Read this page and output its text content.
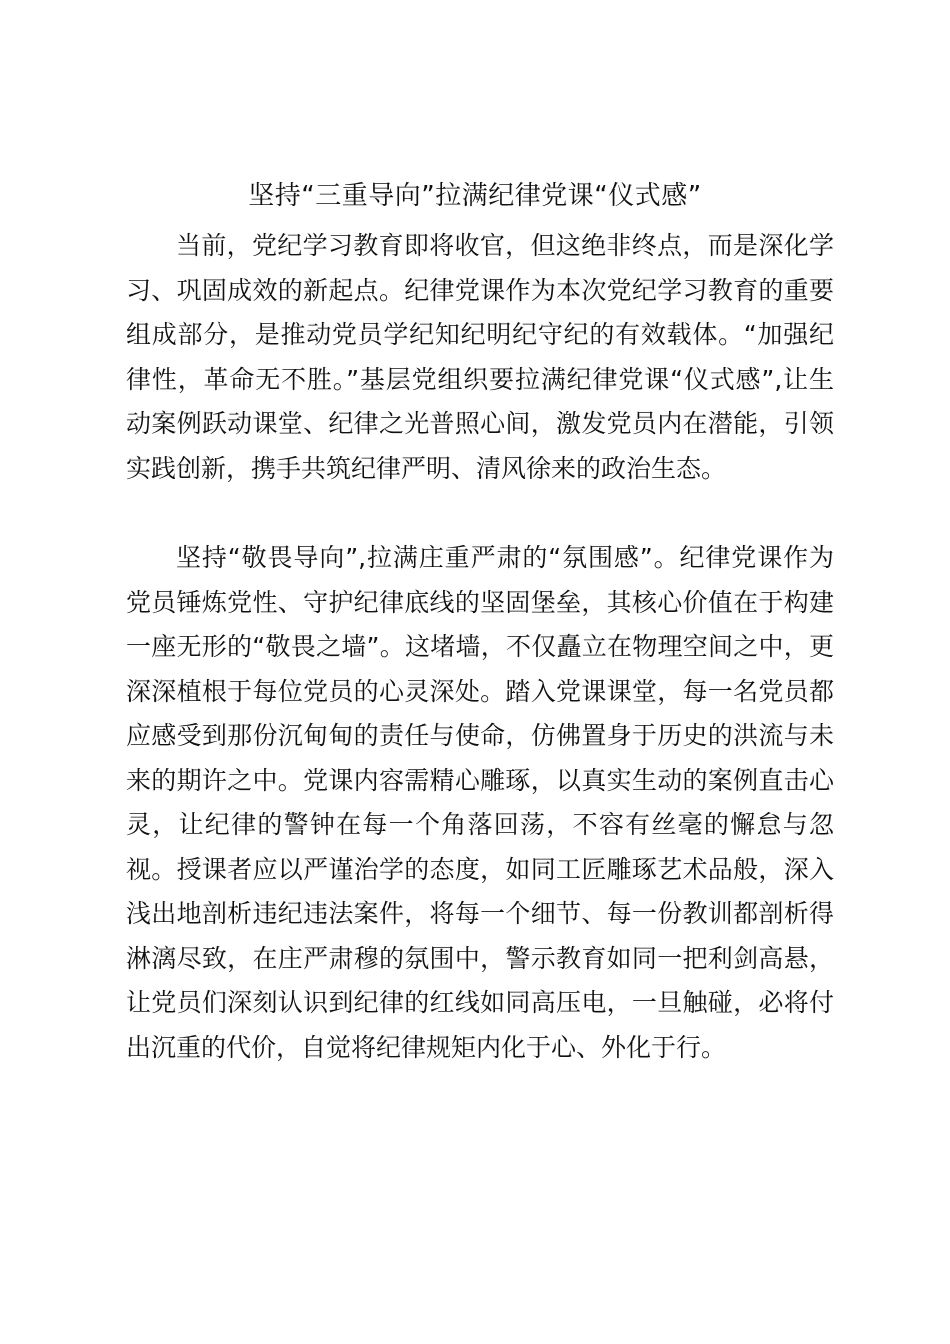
坚持“三重导向”拉满纪律党课“仪式感”

当前，党纪学习教育即将收官，但这绝非终点，而是深化学习、巩固成效的新起点。纪律党课作为本次党纪学习教育的重要组成部分，是推动党员学纪知纪明纪守纪的有效载体。“加强纪律性，革命无不胜。”基层党组织要拉满纪律党课“仪式感”,让生动案例跃动课堂、纪律之光普照心间，激发党员内在潜能，引领实践创新，携手共筑纪律严明、清风徐来的政治生态。

坚持“敬畏导向”,拉满庄重严肃的“氛围感”。纪律党课作为党员锤炼党性、守护纪律底线的坚固堡垒，其核心价值在于构建一座无形的“敬畏之墙”。这堵墙，不仅矗立在物理空间之中，更深深植根于每位党员的心灵深处。踏入党课课堂，每一名党员都应感受到那份沉甸甸的责任与使命，仿佛置身于历史的洪流与未来的期许之中。党课内容需精心雕琢，以真实生动的案例直击心灵，让纪律的警钟在每一个角落回荡，不容有丝毫的懈怠与忽视。授课者应以严谨治学的态度，如同工匠雕琢艺术品般，深入浅出地剖析违纪违法案件，将每一个细节、每一份教训都剖析得淋漓尽致，在庄严肃穆的氛围中，警示教育如同一把利剑高悬，让党员们深刻认识到纪律的红线如同高压电，一旦触碰，必将付出沉重的代价，自觉将纪律规矩内化于心、外化于行。
